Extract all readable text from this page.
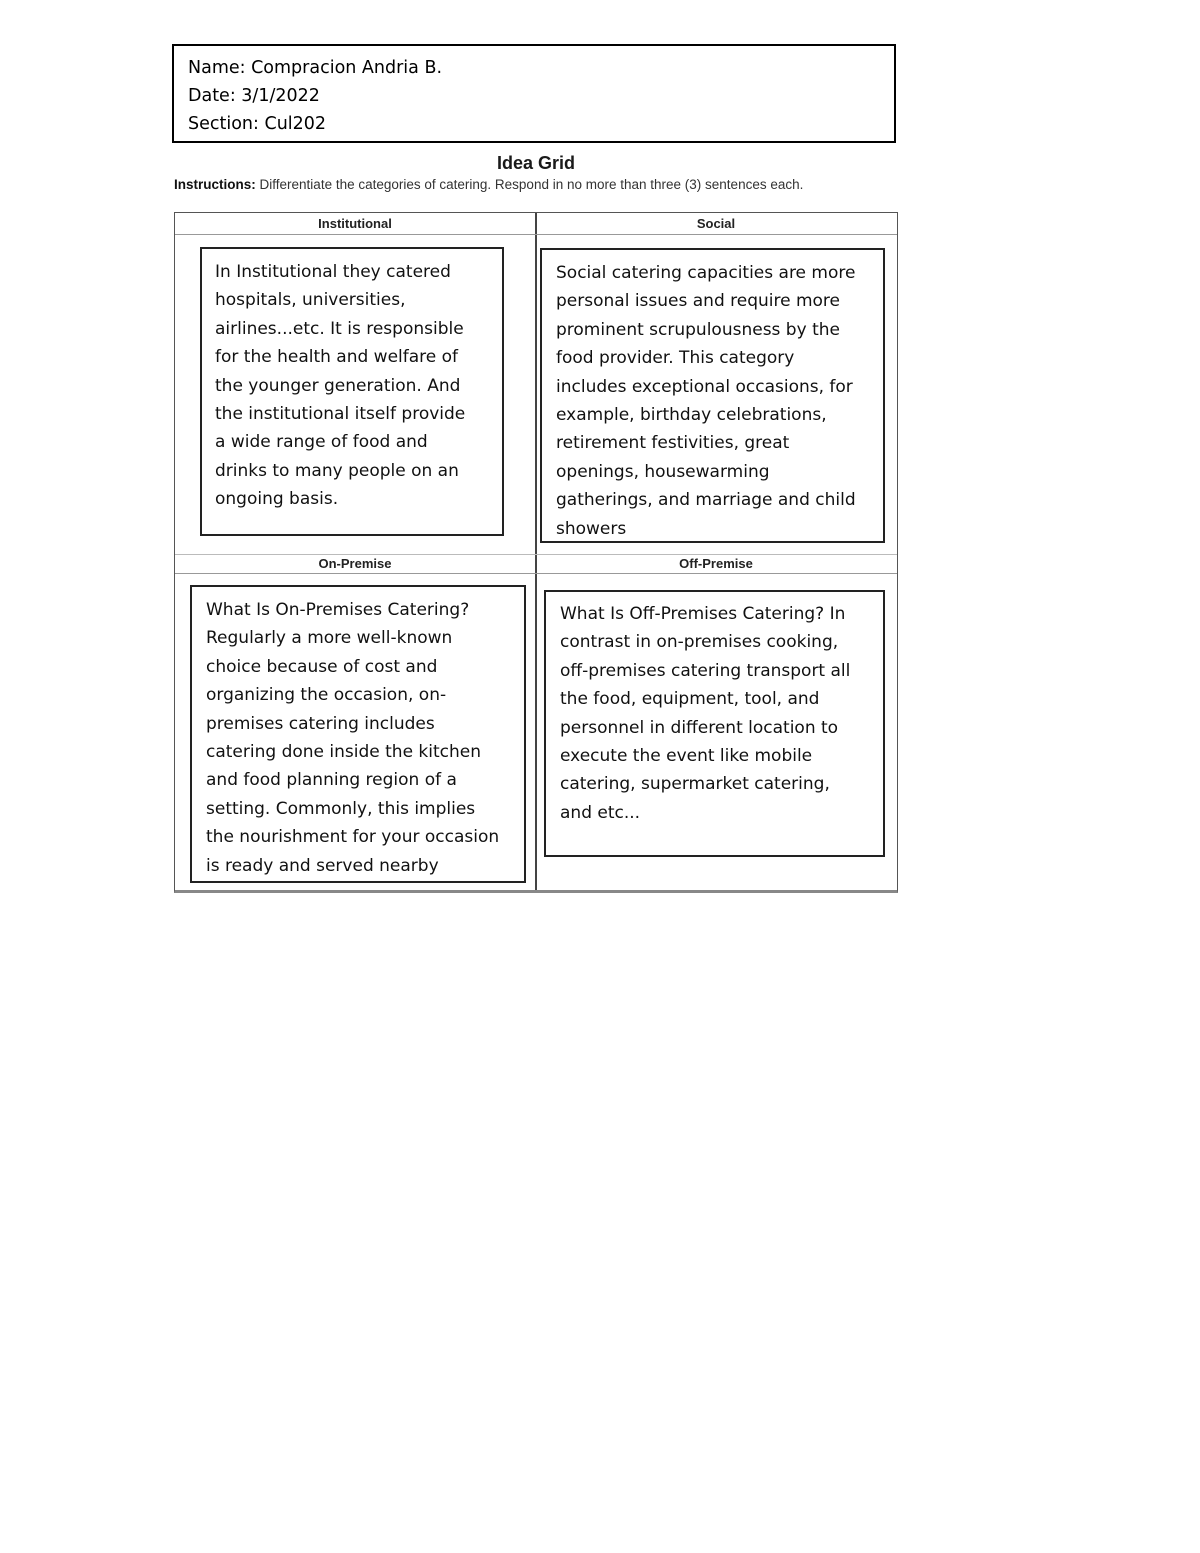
Name: Compracion Andria B.
Date: 3/1/2022
Section: Cul202
Idea Grid
Instructions: Differentiate the categories of catering. Respond in no more than three (3) sentences each.
Institutional	Social
On-Premise	Off-Premise
In Institutional they catered
hospitals, universities,
airlines...etc. It is responsible
for the health and welfare of
the younger generation. And
the institutional itself provide
a wide range of food and
drinks to many people on an
ongoing basis.
Social catering capacities are more
personal issues and require more
prominent scrupulousness by the
food provider. This category
includes exceptional occasions, for
example, birthday celebrations,
retirement festivities, great
openings, housewarming
gatherings, and marriage and child
showers
What Is On-Premises Catering?
Regularly a more well-known
choice because of cost and
organizing the occasion, on-
premises catering includes
catering done inside the kitchen
and food planning region of a
setting. Commonly, this implies
the nourishment for your occasion
is ready and served nearby
What Is Off-Premises Catering? In
contrast in on-premises cooking,
off-premises catering transport all
the food, equipment, tool, and
personnel in different location to
execute the event like mobile
catering, supermarket catering,
and etc...
